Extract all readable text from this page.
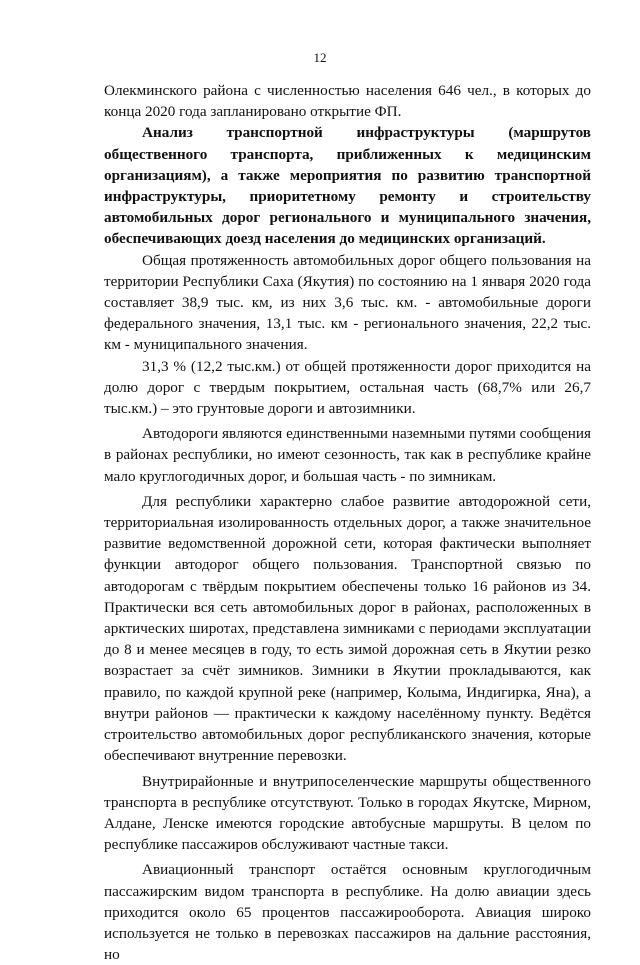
12

Олекминского района с численностью населения 646 чел., в которых до конца 2020 года запланировано открытие ФП.

Анализ транспортной инфраструктуры (маршрутов общественного транспорта, приближенных к медицинским организациям), а также мероприятия по развитию транспортной инфраструктуры, приоритетному ремонту и строительству автомобильных дорог регионального и муниципального значения, обеспечивающих доезд населения до медицинских организаций.

Общая протяженность автомобильных дорог общего пользования на территории Республики Саха (Якутия) по состоянию на 1 января 2020 года составляет 38,9 тыс. км, из них 3,6 тыс. км. - автомобильные дороги федерального значения, 13,1 тыс. км - регионального значения, 22,2 тыс. км - муниципального значения.

31,3 % (12,2 тыс.км.) от общей протяженности дорог приходится на долю дорог с твердым покрытием, остальная часть (68,7% или 26,7 тыс.км.) – это грунтовые дороги и автозимники.

Автодороги являются единственными наземными путями сообщения в районах республики, но имеют сезонность, так как в республике крайне мало круглогодичных дорог, и большая часть - по зимникам.

Для республики характерно слабое развитие автодорожной сети, территориальная изолированность отдельных дорог, а также значительное развитие ведомственной дорожной сети, которая фактически выполняет функции автодорог общего пользования. Транспортной связью по автодорогам с твёрдым покрытием обеспечены только 16 районов из 34. Практически вся сеть автомобильных дорог в районах, расположенных в арктических широтах, представлена зимниками с периодами эксплуатации до 8 и менее месяцев в году, то есть зимой дорожная сеть в Якутии резко возрастает за счёт зимников. Зимники в Якутии прокладываются, как правило, по каждой крупной реке (например, Колыма, Индигирка, Яна), а внутри районов — практически к каждому населённому пункту. Ведётся строительство автомобильных дорог республиканского значения, которые обеспечивают внутренние перевозки.

Внутрирайонные и внутрипоселенческие маршруты общественного транспорта в республике отсутствуют. Только в городах Якутске, Мирном, Алдане, Ленске имеются городские автобусные маршруты. В целом по республике пассажиров обслуживают частные такси.

Авиационный транспорт остаётся основным круглогодичным пассажирским видом транспорта в республике. На долю авиации здесь приходится около 65 процентов пассажирооборота. Авиация широко используется не только в перевозках пассажиров на дальние расстояния, но
